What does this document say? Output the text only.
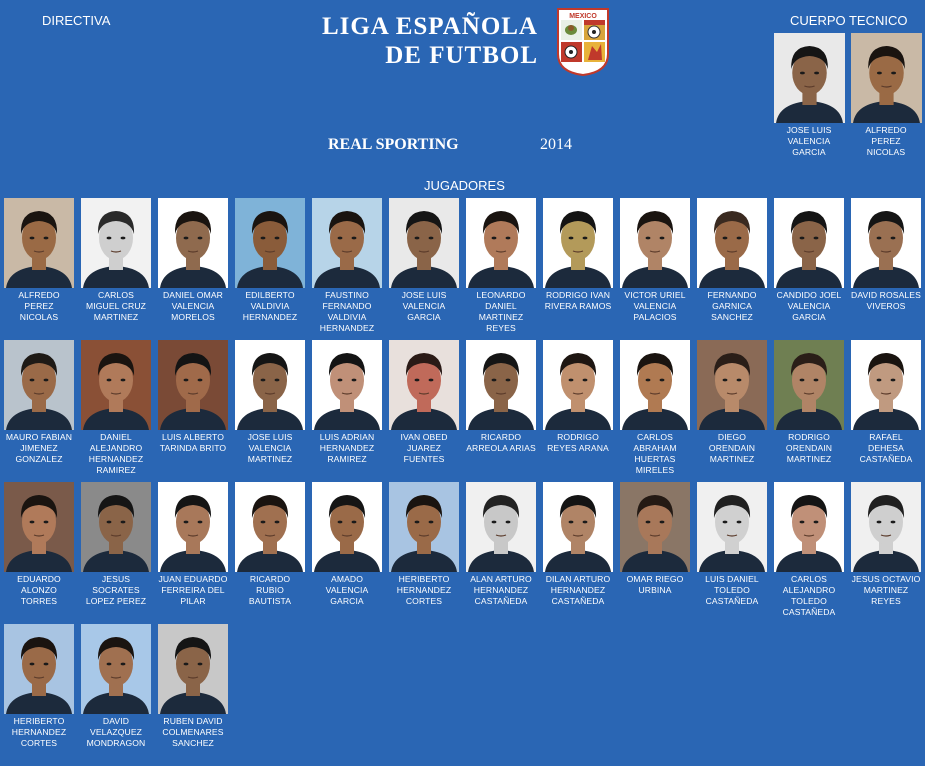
DIRECTIVA	LIGA ESPAÑOLA
DE FUTBOL
MEXICO	CUERPO TECNICO
REAL SPORTING	2014
JUGADORES
JOSE LUIS VALENCIA GARCIA
ALFREDO PEREZ NICOLAS
ALFREDO PEREZ NICOLAS
CARLOS MIGUEL CRUZ MARTINEZ
DANIEL OMAR VALENCIA MORELOS
EDILBERTO VALDIVIA HERNANDEZ
FAUSTINO FERNANDO VALDIVIA HERNANDEZ
JOSE LUIS VALENCIA GARCIA
LEONARDO DANIEL MARTINEZ REYES
RODRIGO IVAN RIVERA RAMOS
VICTOR URIEL VALENCIA PALACIOS
FERNANDO GARNICA SANCHEZ
CANDIDO JOEL VALENCIA GARCIA
DAVID ROSALES VIVEROS
MAURO FABIAN JIMENEZ GONZALEZ
DANIEL ALEJANDRO HERNANDEZ RAMIREZ
LUIS ALBERTO TARINDA BRITO
JOSE LUIS VALENCIA MARTINEZ
LUIS ADRIAN HERNANDEZ RAMIREZ
IVAN OBED JUAREZ FUENTES
RICARDO ARREOLA ARIAS
RODRIGO REYES ARANA
CARLOS ABRAHAM HUERTAS MIRELES
DIEGO ORENDAIN MARTINEZ
RODRIGO ORENDAIN MARTINEZ
RAFAEL DEHESA CASTAÑEDA
EDUARDO ALONZO TORRES
JESUS SOCRATES LOPEZ PEREZ
JUAN EDUARDO FERREIRA DEL PILAR
RICARDO RUBIO BAUTISTA
AMADO VALENCIA GARCIA
HERIBERTO HERNANDEZ CORTES
ALAN ARTURO HERNANDEZ CASTAÑEDA
DILAN ARTURO HERNANDEZ CASTAÑEDA
OMAR RIEGO URBINA
LUIS DANIEL TOLEDO CASTAÑEDA
CARLOS ALEJANDRO TOLEDO CASTAÑEDA
JESUS OCTAVIO MARTINEZ REYES
HERIBERTO HERNANDEZ CORTES
DAVID VELAZQUEZ MONDRAGON
RUBEN DAVID COLMENARES SANCHEZ
